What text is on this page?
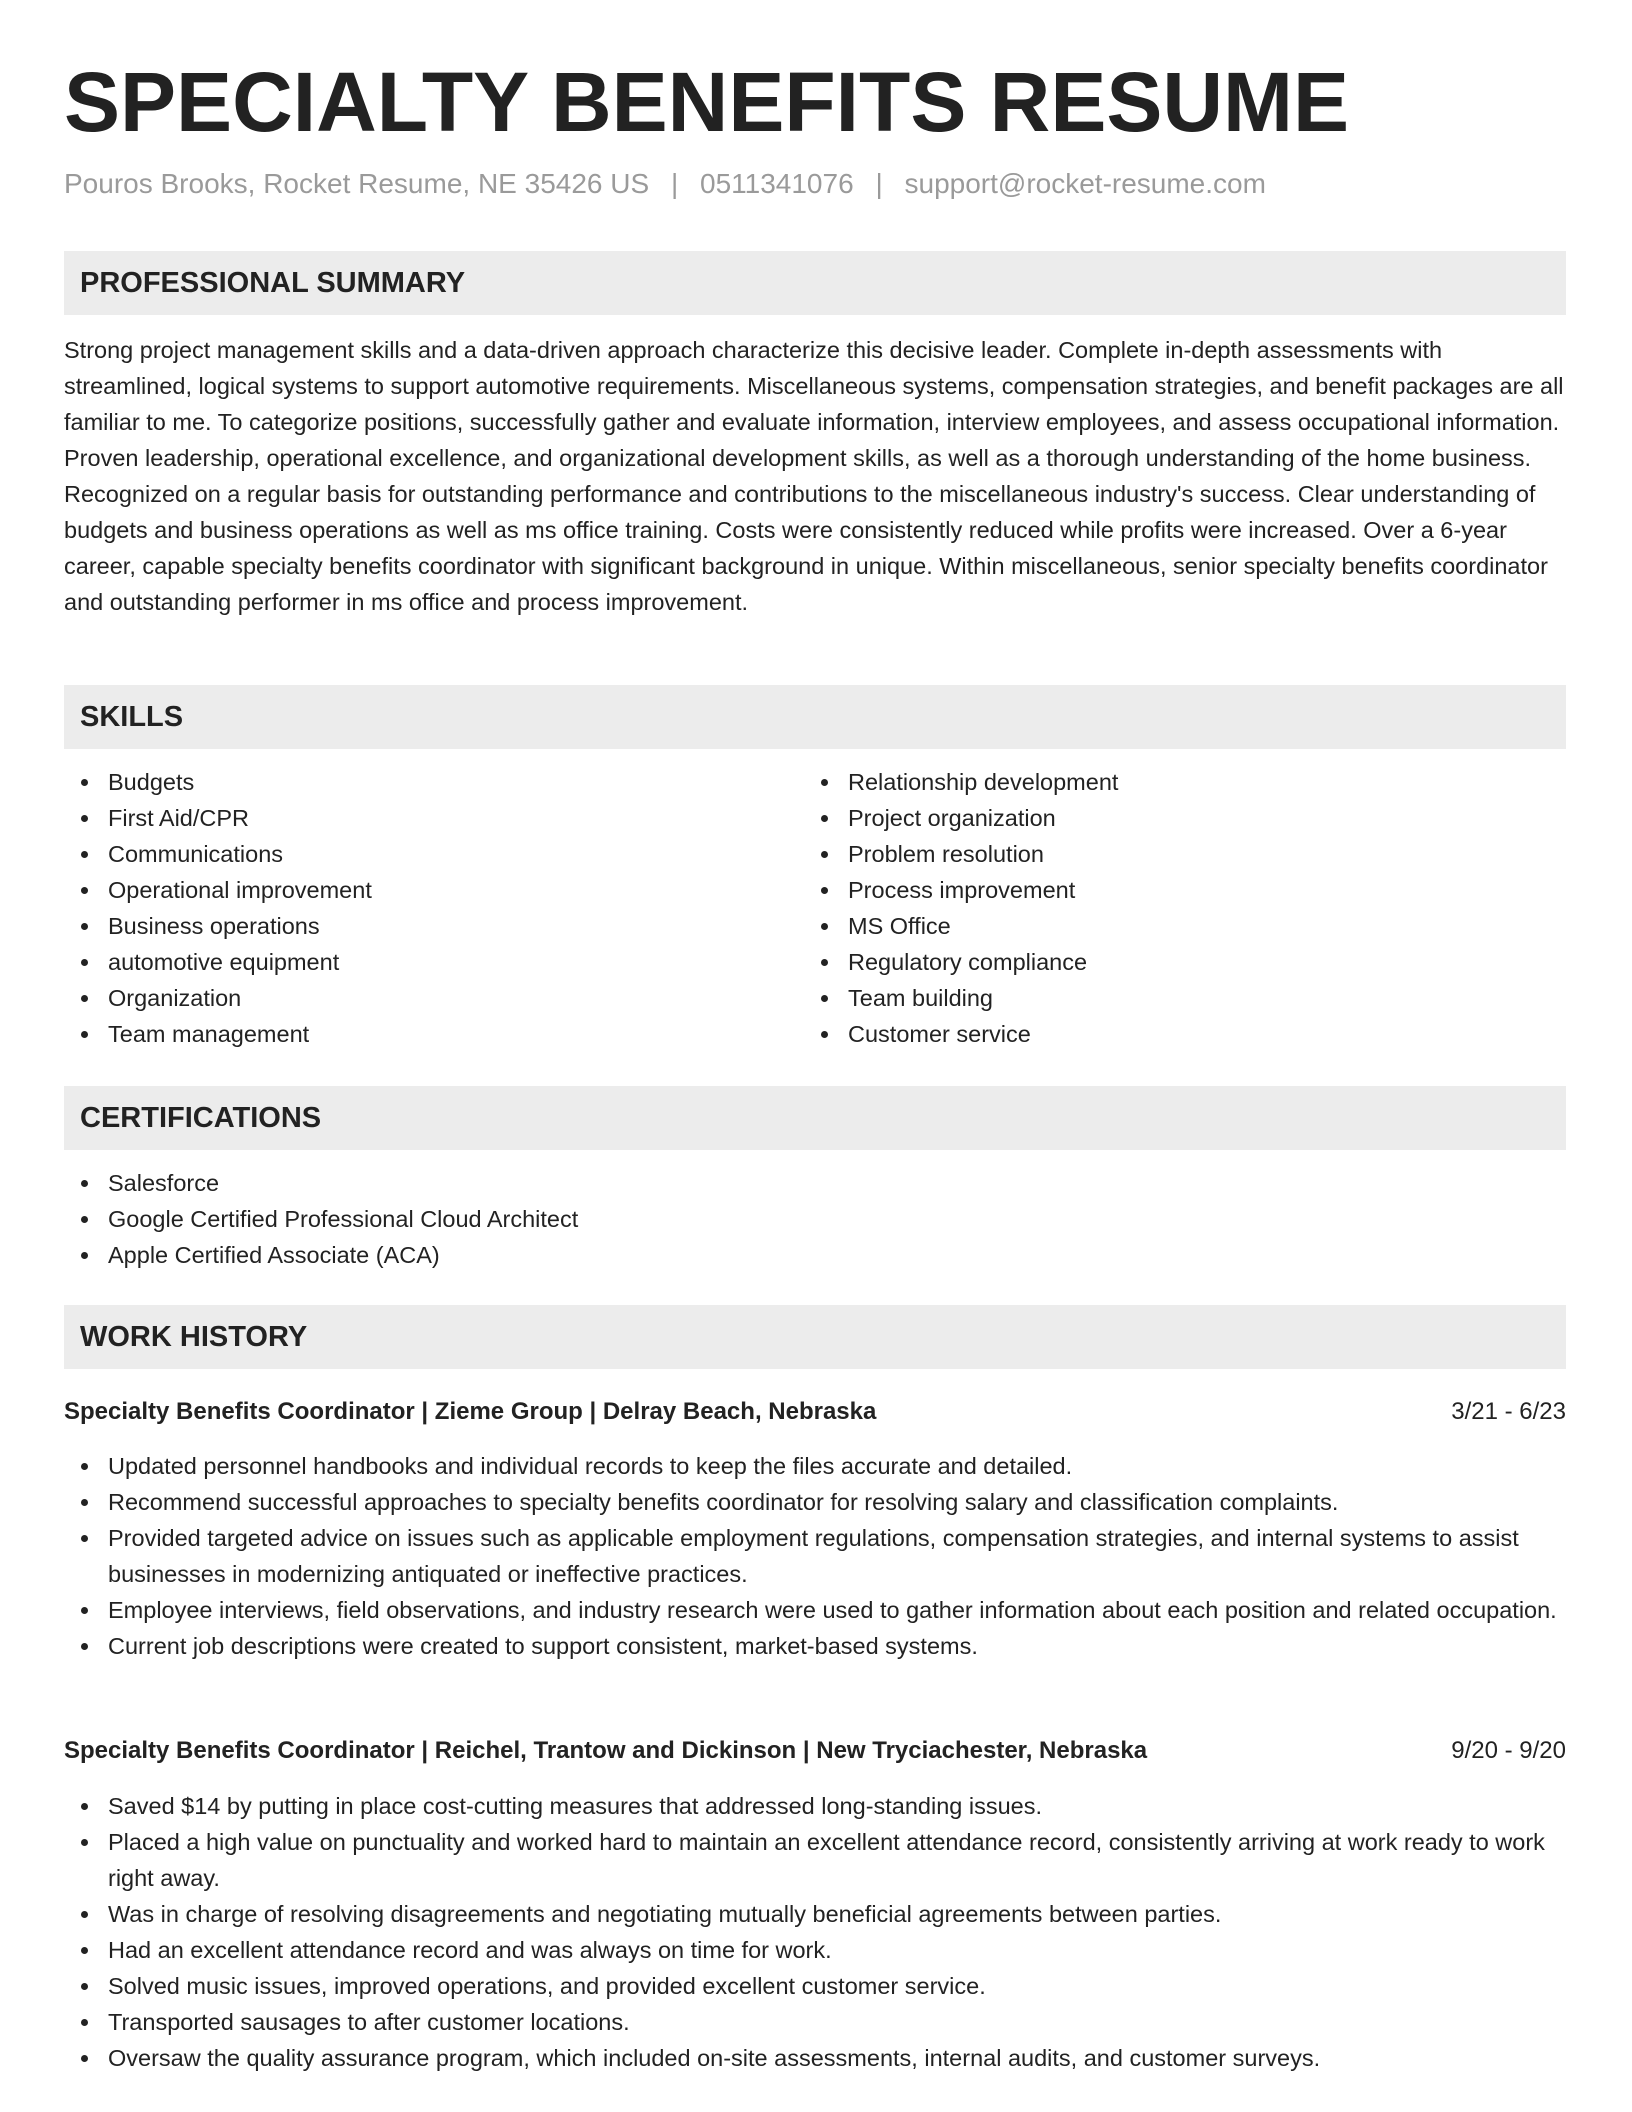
SPECIALTY BENEFITS RESUME
Pouros Brooks, Rocket Resume, NE 35426 US | 0511341076 | support@rocket-resume.com
PROFESSIONAL SUMMARY

Strong project management skills and a data-driven approach characterize this decisive leader. Complete in-depth assessments with streamlined, logical systems to support automotive requirements. Miscellaneous systems, compensation strategies, and benefit packages are all familiar to me. To categorize positions, successfully gather and evaluate information, interview employees, and assess occupational information. Proven leadership, operational excellence, and organizational development skills, as well as a thorough understanding of the home business. Recognized on a regular basis for outstanding performance and contributions to the miscellaneous industry's success. Clear understanding of budgets and business operations as well as ms office training. Costs were consistently reduced while profits were increased. Over a 6-year career, capable specialty benefits coordinator with significant background in unique. Within miscellaneous, senior specialty benefits coordinator and outstanding performer in ms office and process improvement.

SKILLS
Budgets
First Aid/CPR
Communications
Operational improvement
Business operations
automotive equipment
Organization
Team management
Relationship development
Project organization
Problem resolution
Process improvement
MS Office
Regulatory compliance
Team building
Customer service
CERTIFICATIONS
Salesforce
Google Certified Professional Cloud Architect
Apple Certified Associate (ACA)
WORK HISTORY
Specialty Benefits Coordinator | Zieme Group | Delray Beach, Nebraska	3/21 - 6/23
Updated personnel handbooks and individual records to keep the files accurate and detailed.
Recommend successful approaches to specialty benefits coordinator for resolving salary and classification complaints.
Provided targeted advice on issues such as applicable employment regulations, compensation strategies, and internal systems to assist businesses in modernizing antiquated or ineffective practices.
Employee interviews, field observations, and industry research were used to gather information about each position and related occupation.
Current job descriptions were created to support consistent, market-based systems.
Specialty Benefits Coordinator | Reichel, Trantow and Dickinson | New Tryciachester, Nebraska	9/20 - 9/20
Saved $14 by putting in place cost-cutting measures that addressed long-standing issues.
Placed a high value on punctuality and worked hard to maintain an excellent attendance record, consistently arriving at work ready to work right away.
Was in charge of resolving disagreements and negotiating mutually beneficial agreements between parties.
Had an excellent attendance record and was always on time for work.
Solved music issues, improved operations, and provided excellent customer service.
Transported sausages to after customer locations.
Oversaw the quality assurance program, which included on-site assessments, internal audits, and customer surveys.
